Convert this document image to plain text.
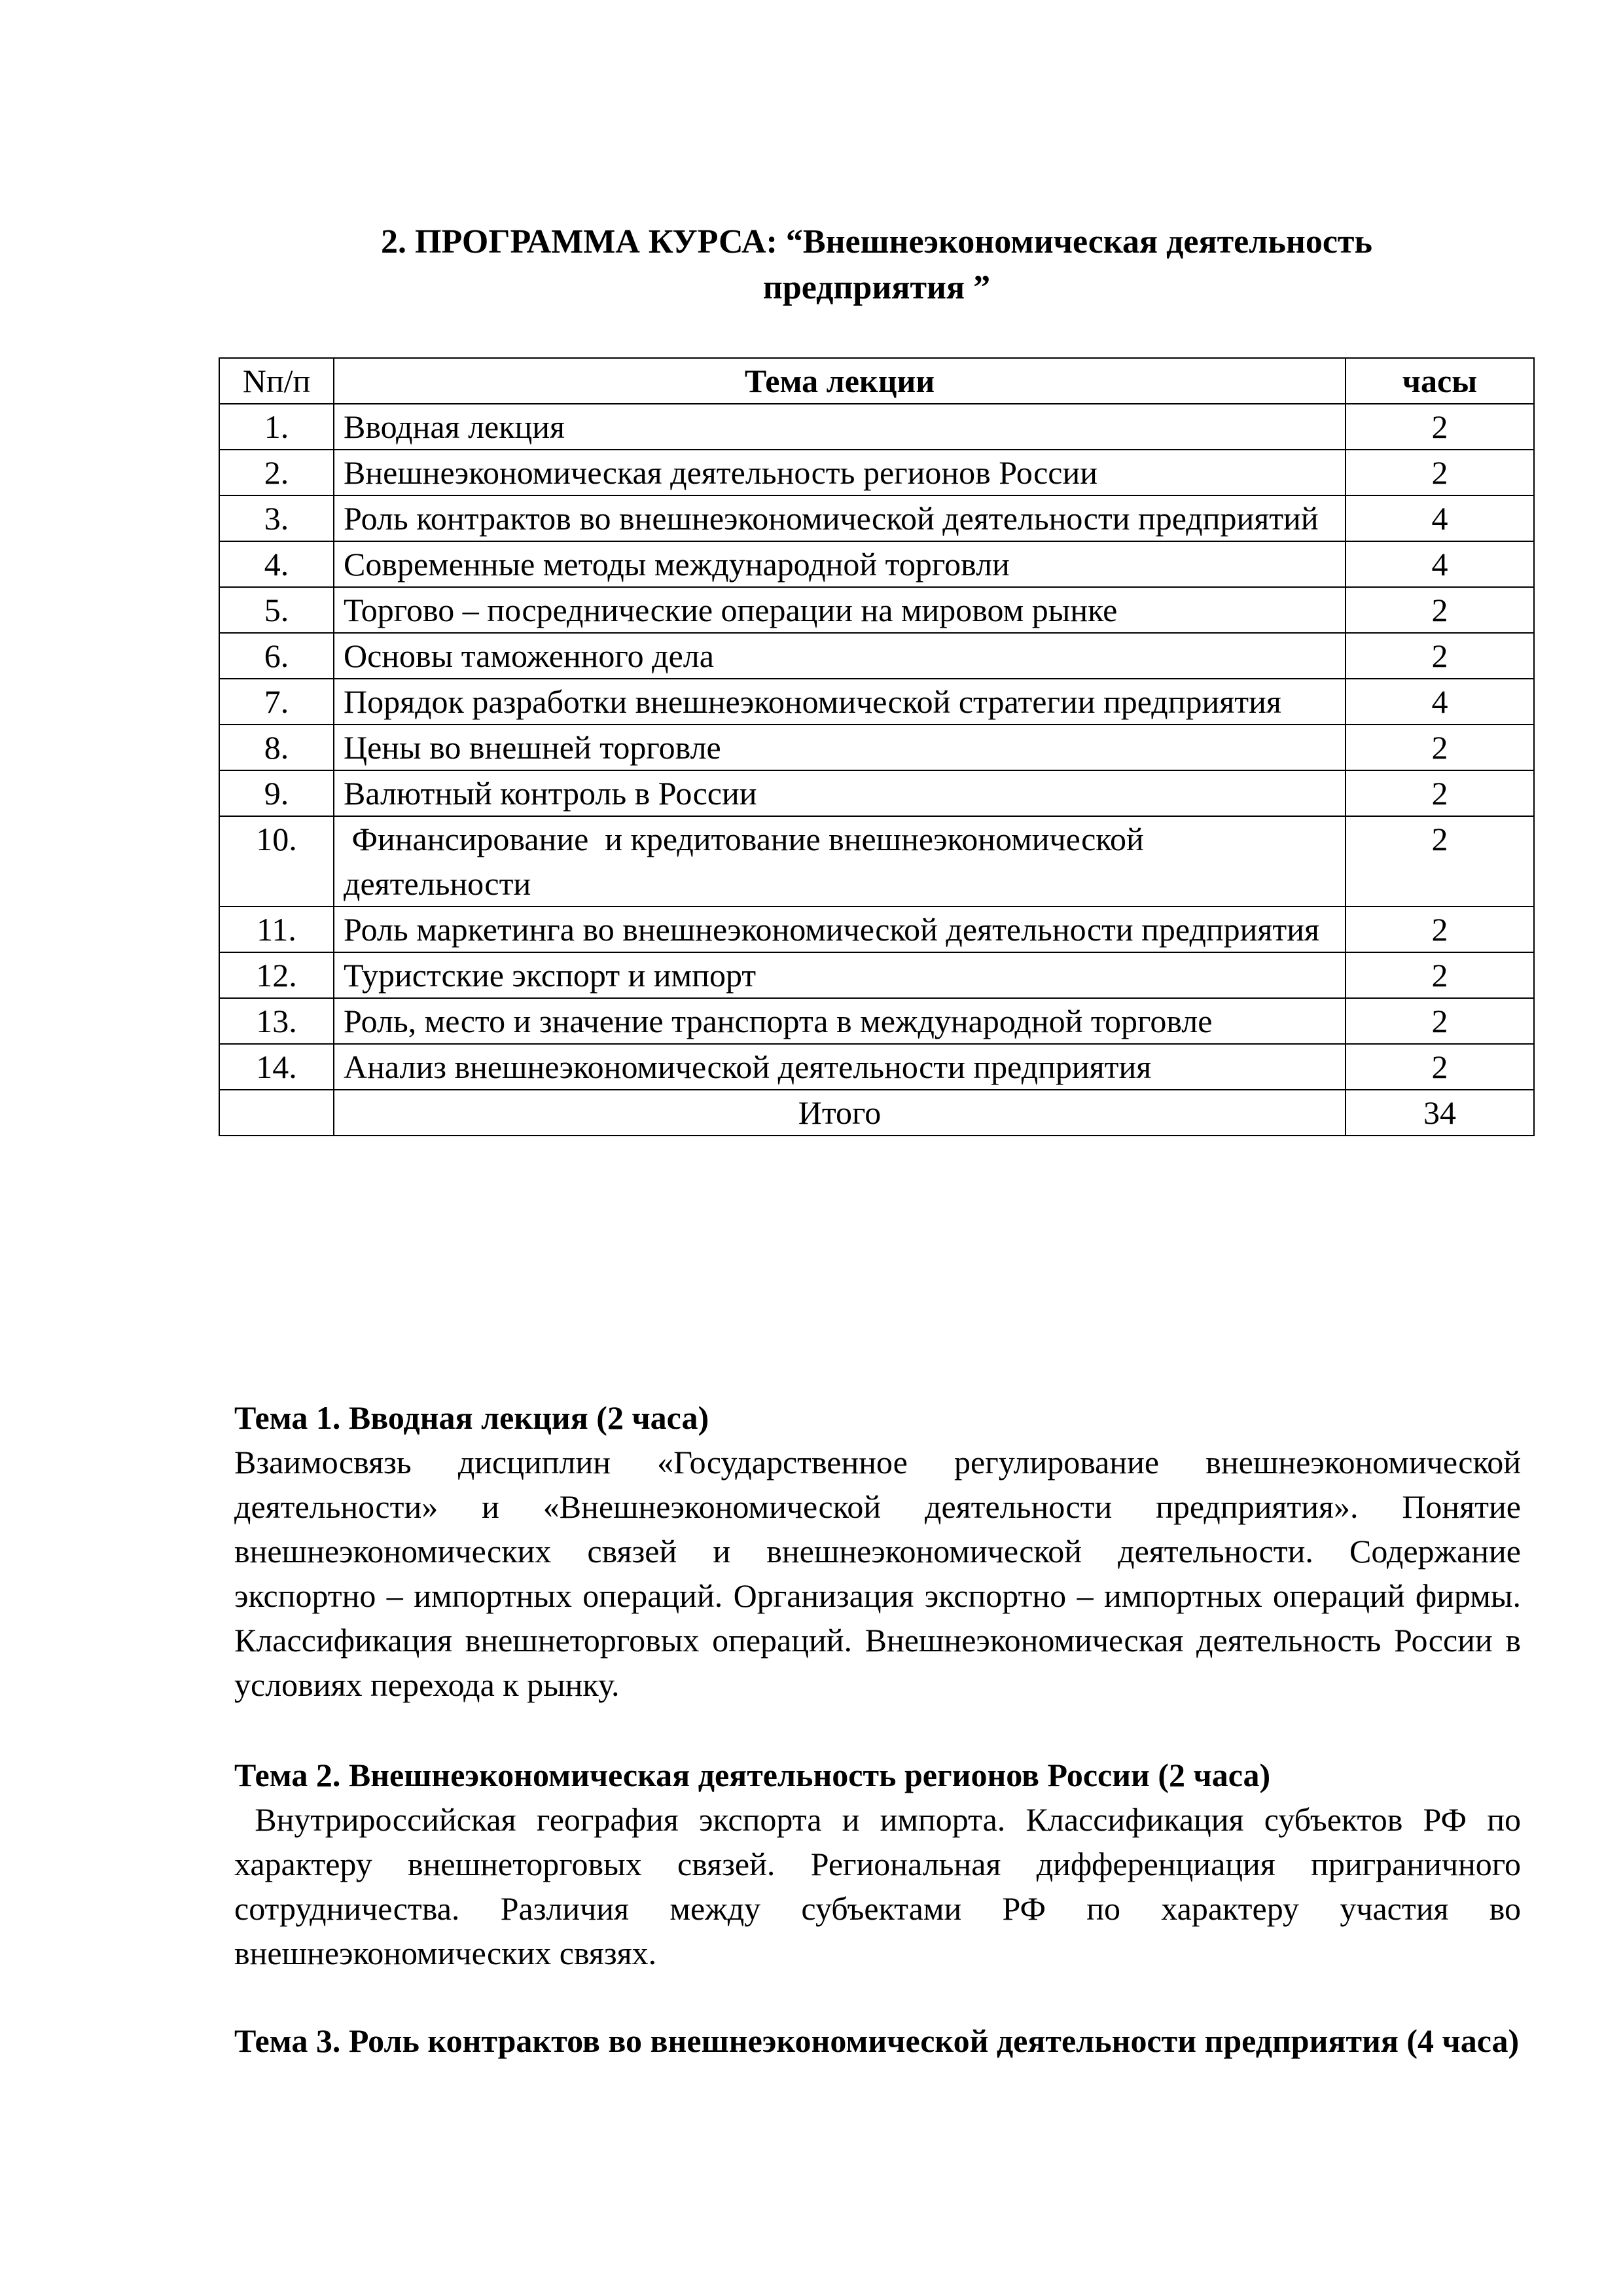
2. ПРОГРАММА КУРСА: “Внешнеэкономическая деятельность
предприятия ”
Nп/п	Тема лекции	часы
1.	Вводная лекция	2
2.	Внешнеэкономическая деятельность регионов России	2
3.	Роль контрактов во внешнеэкономической деятельности предприятий	4
4.	Современные методы международной торговли	4
5.	Торгово – посреднические операции на мировом рынке	2
6.	Основы таможенного дела	2
7.	Порядок разработки внешнеэкономической стратегии предприятия	4
8.	Цены во внешней торговле	2
9.	Валютный контроль в России	2
10.	Финансирование  и кредитование внешнеэкономической деятельности	2
11.	Роль маркетинга во внешнеэкономической деятельности предприятия	2
12.	Туристские экспорт и импорт	2
13.	Роль, место и значение транспорта в международной торговле	2
14.	Анализ внешнеэкономической деятельности предприятия	2
	Итого	34
Тема 1. Вводная лекция (2 часа)

Взаимосвязь дисциплин «Государственное регулирование внешнеэкономической деятельности» и «Внешнеэкономической деятельности предприятия». Понятие внешнеэкономических связей и внешнеэкономической деятельности. Содержание экспортно – импортных операций. Организация экспортно – импортных операций фирмы. Классификация внешнеторговых операций. Внешнеэкономическая деятельность России в условиях перехода к рынку.

Тема 2. Внешнеэкономическая деятельность регионов России (2 часа)

Внутрироссийская география экспорта и импорта. Классификация субъектов РФ по характеру внешнеторговых связей. Региональная дифференциация приграничного сотрудничества. Различия между субъектами РФ по характеру участия во внешнеэкономических связях.

Тема 3. Роль контрактов во внешнеэкономической деятельности предприятия (4 часа)
